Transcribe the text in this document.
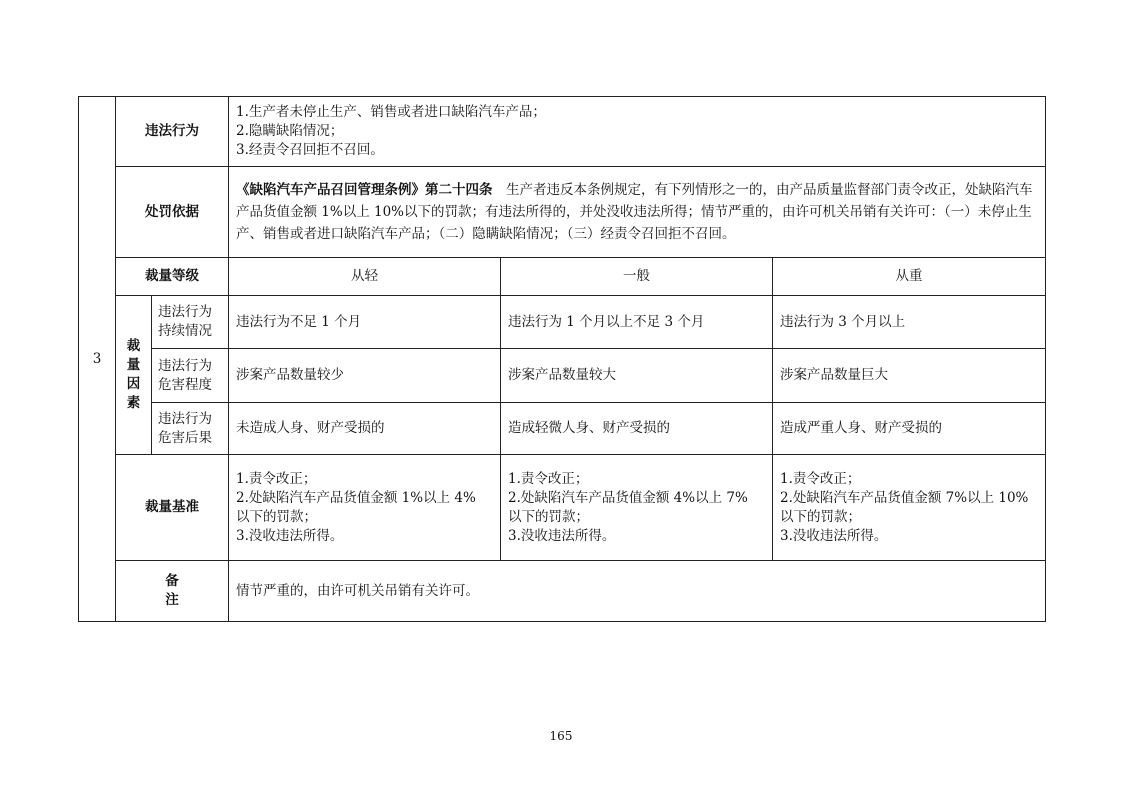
3	违法行为		1.生产者未停止生产、销售或者进口缺陷汽车产品；
2.隐瞒缺陷情况；
3.经责令召回拒不召回。		

	处罚依据		《缺陷汽车产品召回管理条例》第二十四条　生产者违反本条例规定，有下列情形之一的，由产品质量监督部门责令改正，处缺陷汽车产品货值金额 1%以上 10%以下的罚款；有违法所得的，并处没收违法所得；情节严重的，由许可机关吊销有关许可：（一）未停止生产、销售或者进口缺陷汽车产品；（二）隐瞒缺陷情况；（三）经责令召回拒不召回。		
	裁量等级		从轻	一般	从重

	裁
量
因
素	违法行为
持续情况	违法行为不足 1 个月	违法行为 1 个月以上不足 3 个月	违法行为 3 个月以上

		违法行为
危害程度	涉案产品数量较少	涉案产品数量较大	涉案产品数量巨大

		违法行为
危害后果	未造成人身、财产受损的	造成轻微人身、财产受损的	造成严重人身、财产受损的
	裁量基准		1.责令改正；
2.处缺陷汽车产品货值金额 1%以上 4%
以下的罚款；
3.没收违法所得。	1.责令改正；
2.处缺陷汽车产品货值金额 4%以上 7%
以下的罚款；
3.没收违法所得。	1.责令改正；
2.处缺陷汽车产品货值金额 7%以上 10%
以下的罚款；
3.没收违法所得。

	备注		情节严重的，由许可机关吊销有关许可。		
165
